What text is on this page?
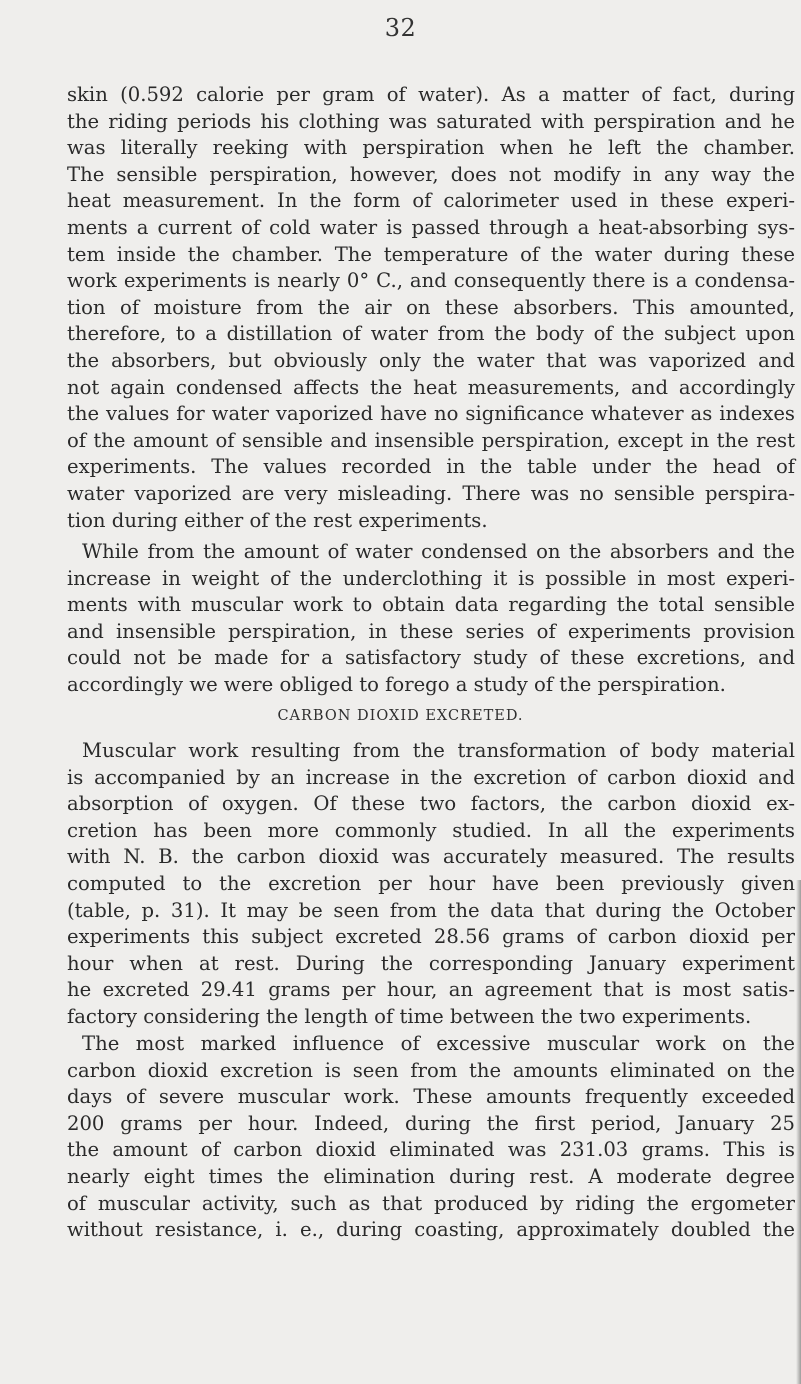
32
skin (0.592 calorie per gram of water). As a matter of fact, during
the riding periods his clothing was saturated with perspiration and he
was literally reeking with perspiration when he left the chamber.
The sensible perspiration, however, does not modify in any way the
heat measurement. In the form of calorimeter used in these experi-
ments a current of cold water is passed through a heat-absorbing sys-
tem inside the chamber. The temperature of the water during these
work experiments is nearly 0° C., and consequently there is a condensa-
tion of moisture from the air on these absorbers. This amounted,
therefore, to a distillation of water from the body of the subject upon
the absorbers, but obviously only the water that was vaporized and
not again condensed affects the heat measurements, and accordingly
the values for water vaporized have no significance whatever as indexes
of the amount of sensible and insensible perspiration, except in the rest
experiments. The values recorded in the table under the head of
water vaporized are very misleading. There was no sensible perspira-
tion during either of the rest experiments.
While from the amount of water condensed on the absorbers and the
increase in weight of the underclothing it is possible in most experi-
ments with muscular work to obtain data regarding the total sensible
and insensible perspiration, in these series of experiments provision
could not be made for a satisfactory study of these excretions, and
accordingly we were obliged to forego a study of the perspiration.
CARBON DIOXID EXCRETED.
Muscular work resulting from the transformation of body material
is accompanied by an increase in the excretion of carbon dioxid and
absorption of oxygen. Of these two factors, the carbon dioxid ex-
cretion has been more commonly studied. In all the experiments
with N. B. the carbon dioxid was accurately measured. The results
computed to the excretion per hour have been previously given
(table, p. 31). It may be seen from the data that during the October
experiments this subject excreted 28.56 grams of carbon dioxid per
hour when at rest. During the corresponding January experiment
he excreted 29.41 grams per hour, an agreement that is most satis-
factory considering the length of time between the two experiments.
The most marked influence of excessive muscular work on the
carbon dioxid excretion is seen from the amounts eliminated on the
days of severe muscular work. These amounts frequently exceeded
200 grams per hour. Indeed, during the first period, January 25
the amount of carbon dioxid eliminated was 231.03 grams. This is
nearly eight times the elimination during rest. A moderate degree
of muscular activity, such as that produced by riding the ergometer
without resistance, i. e., during coasting, approximately doubled the
